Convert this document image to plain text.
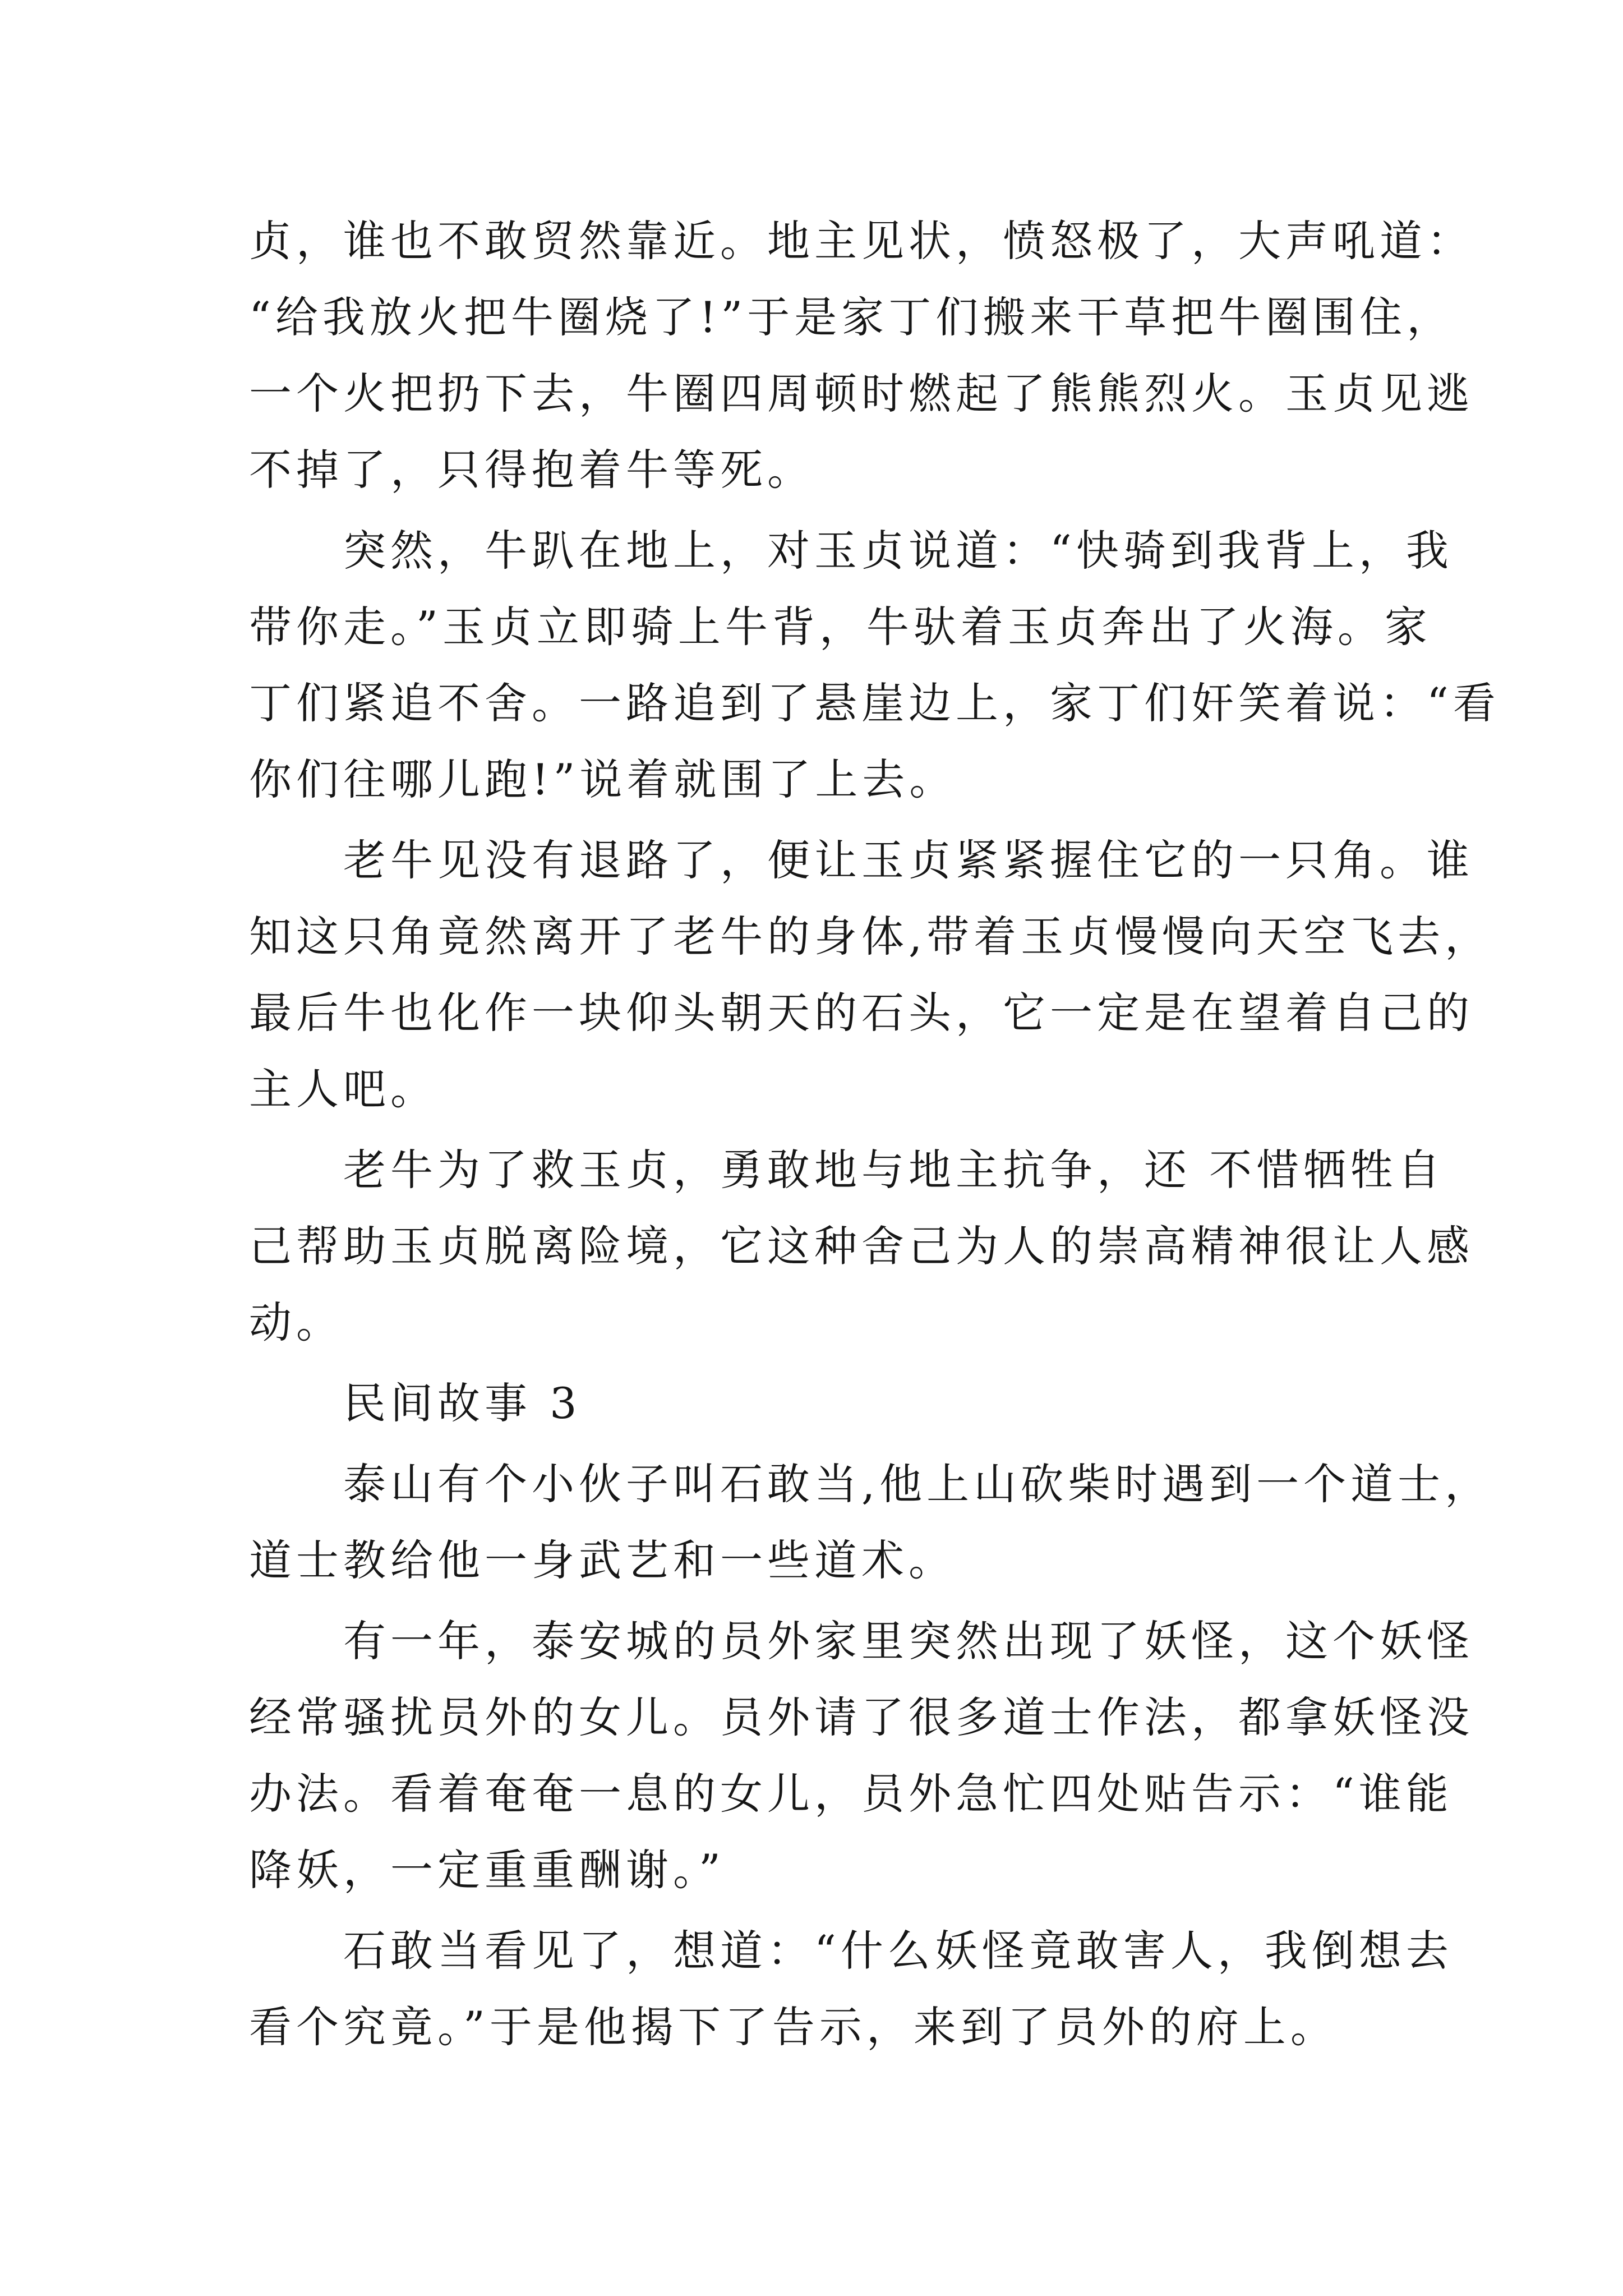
贞，谁也不敢贸然靠近。地主见状，愤怒极了，大声吼道：
“给我放火把牛圈烧了!”于是家丁们搬来干草把牛圈围住，
一个火把扔下去，牛圈四周顿时燃起了熊熊烈火。玉贞见逃
不掉了，只得抱着牛等死。

　　突然，牛趴在地上，对玉贞说道：“快骑到我背上，我
带你走。”玉贞立即骑上牛背，牛驮着玉贞奔出了火海。家
丁们紧追不舍。一路追到了悬崖边上，家丁们奸笑着说：“看
你们往哪儿跑!”说着就围了上去。

　　老牛见没有退路了，便让玉贞紧紧握住它的一只角。谁
知这只角竟然离开了老牛的身体,带着玉贞慢慢向天空飞去，
最后牛也化作一块仰头朝天的石头，它一定是在望着自己的
主人吧。

　　老牛为了救玉贞，勇敢地与地主抗争，还 不惜牺牲自
己帮助玉贞脱离险境，它这种舍己为人的崇高精神很让人感
动。

　　民间故事 3

　　泰山有个小伙子叫石敢当,他上山砍柴时遇到一个道士，
道士教给他一身武艺和一些道术。

　　有一年，泰安城的员外家里突然出现了妖怪，这个妖怪
经常骚扰员外的女儿。员外请了很多道士作法，都拿妖怪没
办法。看着奄奄一息的女儿，员外急忙四处贴告示：“谁能
降妖，一定重重酬谢。”

　　石敢当看见了，想道：“什么妖怪竟敢害人，我倒想去
看个究竟。”于是他揭下了告示，来到了员外的府上。
